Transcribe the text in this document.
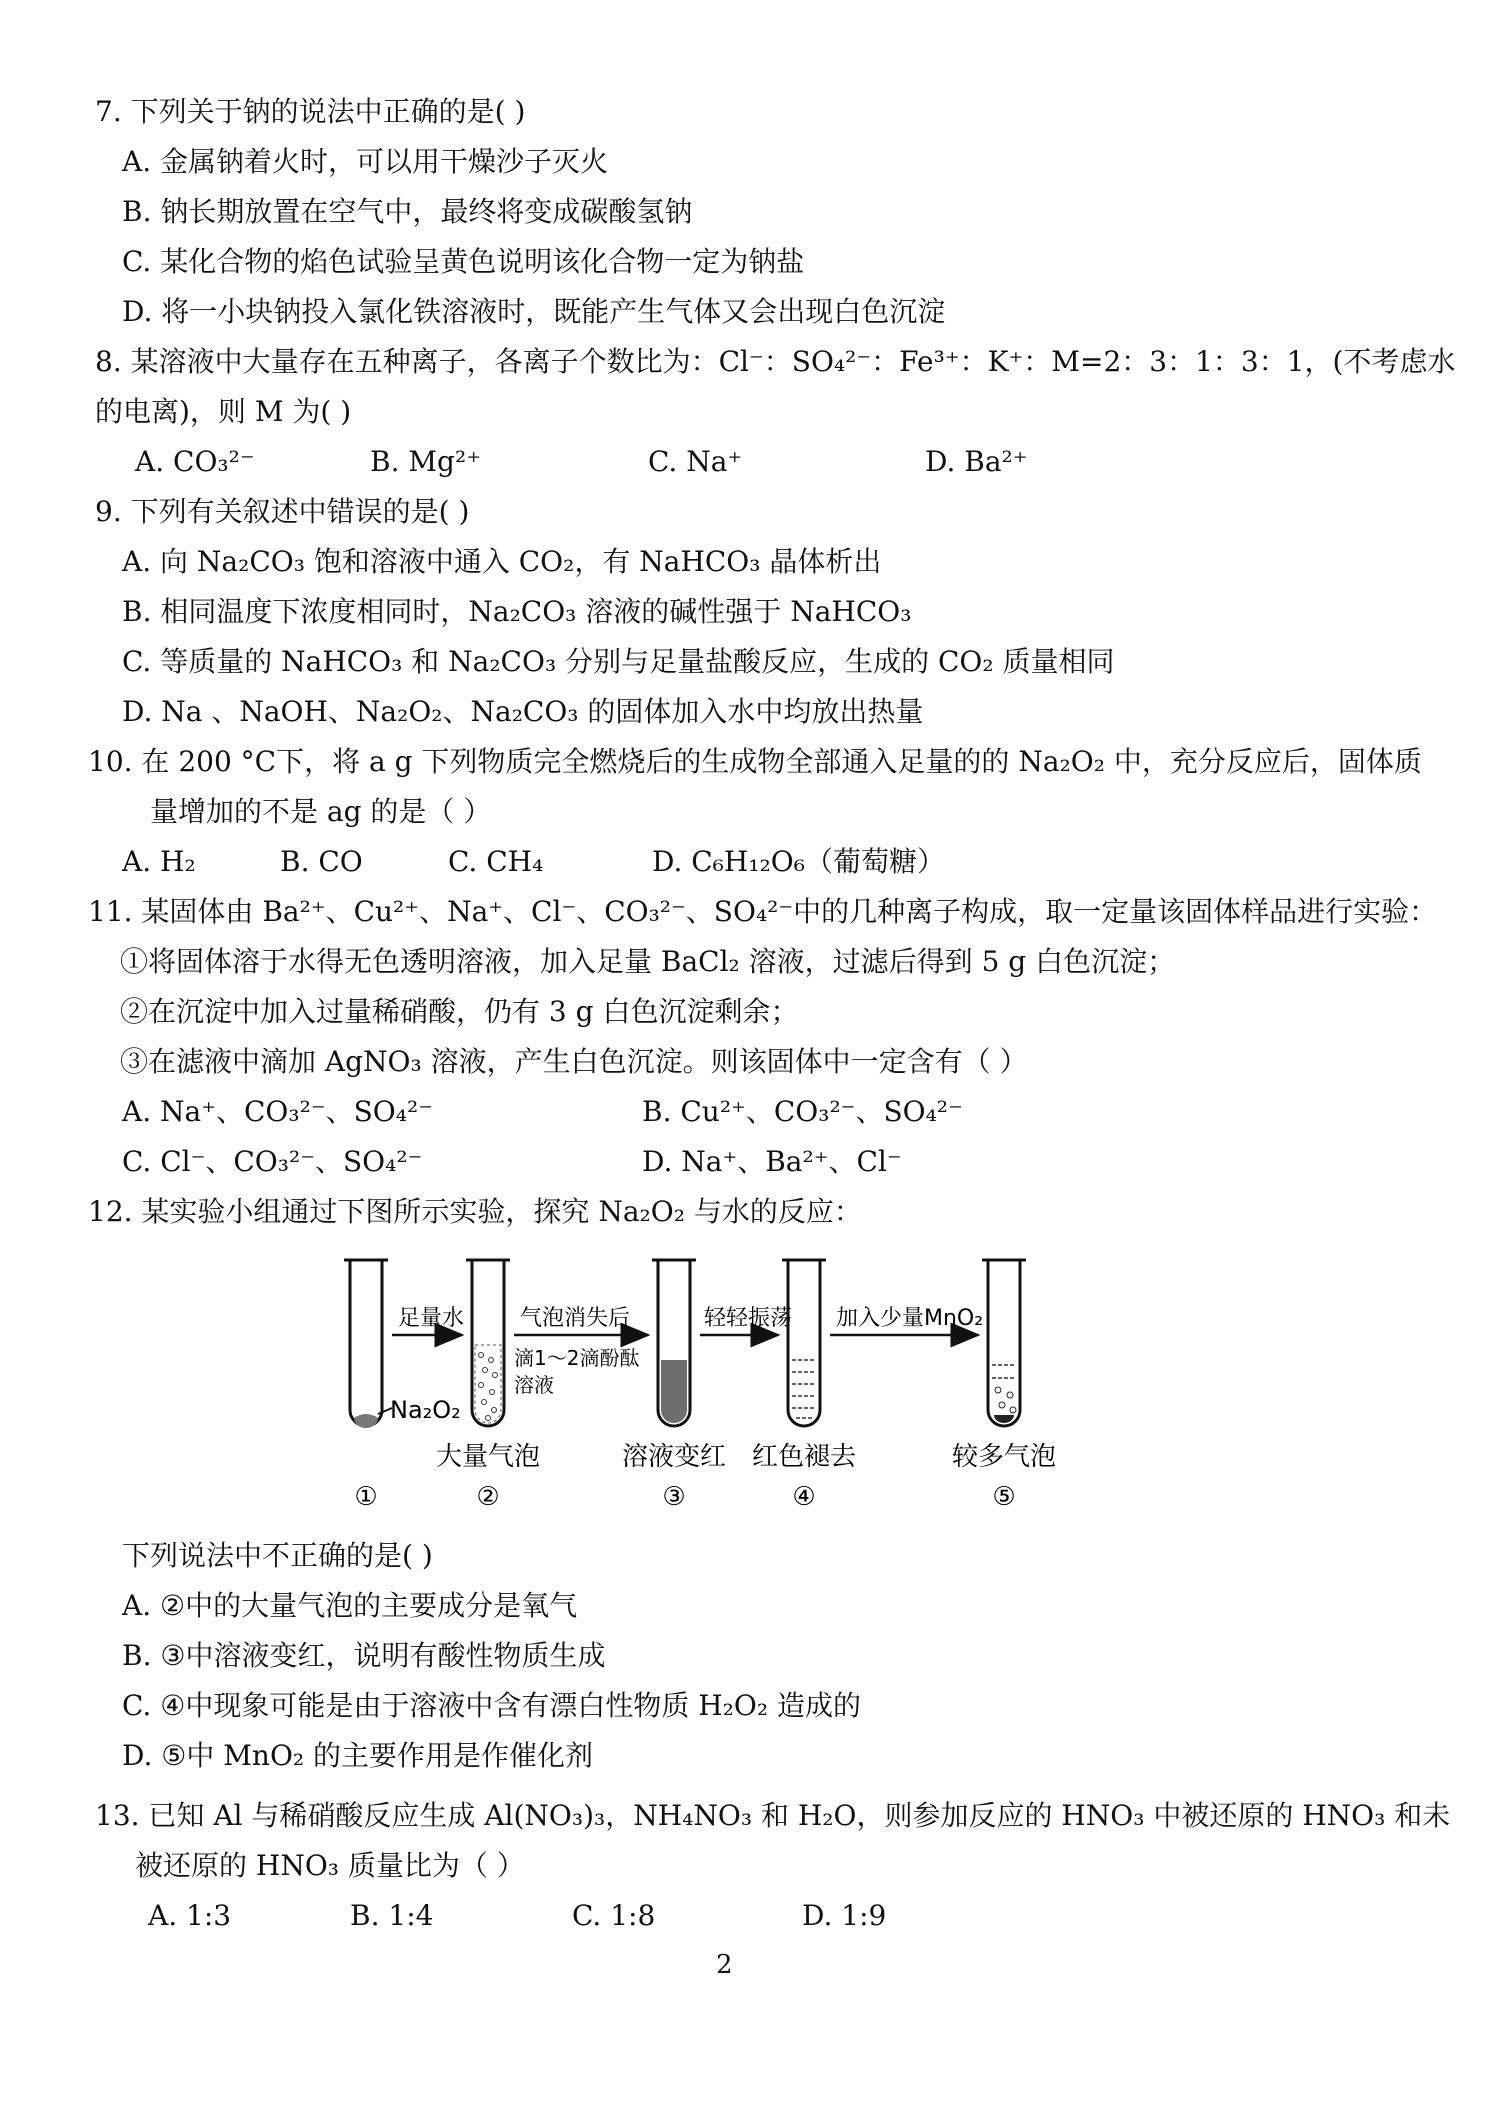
7. 下列关于钠的说法中正确的是( )
A. 金属钠着火时，可以用干燥沙子灭火
B. 钠长期放置在空气中，最终将变成碳酸氢钠
C. 某化合物的焰色试验呈黄色说明该化合物一定为钠盐
D. 将一小块钠投入氯化铁溶液时，既能产生气体又会出现白色沉淀
8. 某溶液中大量存在五种离子，各离子个数比为：Cl⁻：SO₄²⁻：Fe³⁺：K⁺：M=2：3：1：3：1，(不考虑水
的电离)，则 M 为( )
A. CO₃²⁻	B. Mg²⁺	C. Na⁺	D. Ba²⁺
9. 下列有关叙述中错误的是( )
A. 向 Na₂CO₃ 饱和溶液中通入 CO₂，有 NaHCO₃ 晶体析出
B. 相同温度下浓度相同时，Na₂CO₃ 溶液的碱性强于 NaHCO₃
C. 等质量的 NaHCO₃ 和 Na₂CO₃ 分别与足量盐酸反应，生成的 CO₂ 质量相同
D. Na 、NaOH、Na₂O₂、Na₂CO₃ 的固体加入水中均放出热量
10. 在 200 °C下，将 a g 下列物质完全燃烧后的生成物全部通入足量的的 Na₂O₂ 中，充分反应后，固体质
量增加的不是 ag 的是（ ）
A. H₂	B. CO	C. CH₄	D. C₆H₁₂O₆（葡萄糖）
11. 某固体由 Ba²⁺、Cu²⁺、Na⁺、Cl⁻、CO₃²⁻、SO₄²⁻中的几种离子构成，取一定量该固体样品进行实验：
①将固体溶于水得无色透明溶液，加入足量 BaCl₂ 溶液，过滤后得到 5 g 白色沉淀；
②在沉淀中加入过量稀硝酸，仍有 3 g 白色沉淀剩余；
③在滤液中滴加 AgNO₃ 溶液，产生白色沉淀。则该固体中一定含有（ ）
A. Na⁺、CO₃²⁻、SO₄²⁻	B. Cu²⁺、CO₃²⁻、SO₄²⁻
C. Cl⁻、CO₃²⁻、SO₄²⁻	D. Na⁺、Ba²⁺、Cl⁻
12. 某实验小组通过下图所示实验，探究 Na₂O₂ 与水的反应：
Na₂O₂
足量水	气泡消失后
滴1～2滴酚酞
溶液
轻轻振荡 加入少量MnO₂
大量气泡	溶液变红 红色褪去	较多气泡
①	②	③	④	⑤
下列说法中不正确的是( )
A. ②中的大量气泡的主要成分是氧气
B. ③中溶液变红，说明有酸性物质生成
C. ④中现象可能是由于溶液中含有漂白性物质 H₂O₂ 造成的
D. ⑤中 MnO₂ 的主要作用是作催化剂
13. 已知 Al 与稀硝酸反应生成 Al(NO₃)₃，NH₄NO₃ 和 H₂O，则参加反应的 HNO₃ 中被还原的 HNO₃ 和未
被还原的 HNO₃ 质量比为（ ）
A. 1:3	B. 1:4	C. 1:8	D. 1:9
2
